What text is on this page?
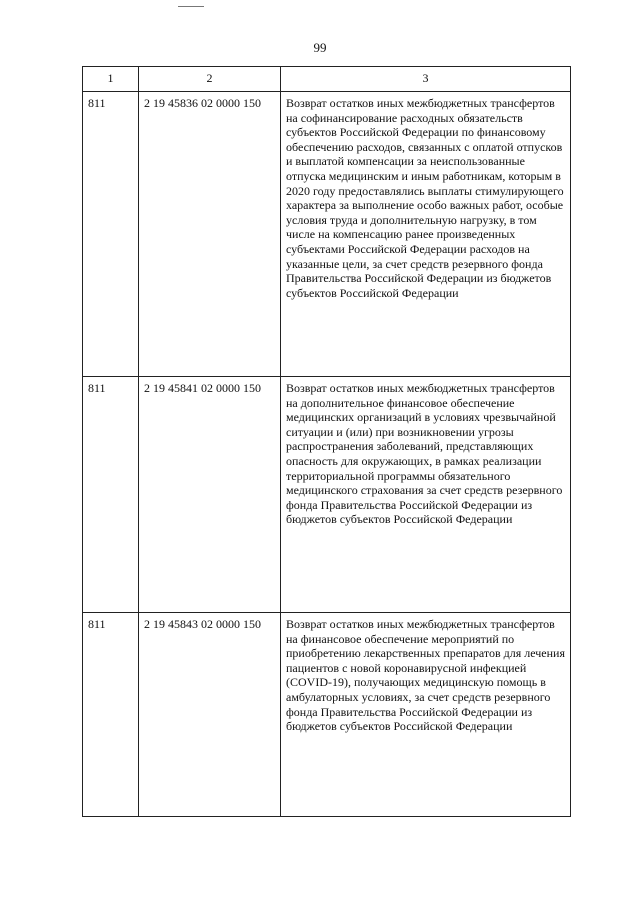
99
1	2	3
811	2 19 45836 02 0000 150	Возврат остатков иных межбюджетных трансфертов на софинансирование расходных обязательств субъектов Российской Федерации по финансовому обеспечению расходов, связанных с оплатой отпусков и выплатой компенсации за неиспользованные отпуска медицинским и иным работникам, которым в 2020 году предоставлялись выплаты стимулирующего характера за выполнение особо важных работ, особые условия труда и дополнительную нагрузку, в том числе на компенсацию ранее произведенных субъектами Российской Федерации расходов на указанные цели, за счет средств резервного фонда Правительства Российской Федерации из бюджетов субъектов Российской Федерации
811	2 19 45841 02 0000 150	Возврат остатков иных межбюджетных трансфертов на дополнительное финансовое обеспечение медицинских организаций в условиях чрезвычайной ситуации и (или) при возникновении угрозы распространения заболеваний, представляющих опасность для окружающих, в рамках реализации территориальной программы обязательного медицинского страхования за счет средств резервного фонда Правительства Российской Федерации из бюджетов субъектов Российской Федерации
811	2 19 45843 02 0000 150	Возврат остатков иных межбюджетных трансфертов на финансовое обеспечение мероприятий по приобретению лекарственных препаратов для лечения пациентов с новой коронавирусной инфекцией (COVID-19), получающих медицинскую помощь в амбулаторных условиях, за счет средств резервного фонда Правительства Российской Федерации из бюджетов субъектов Российской Федерации
